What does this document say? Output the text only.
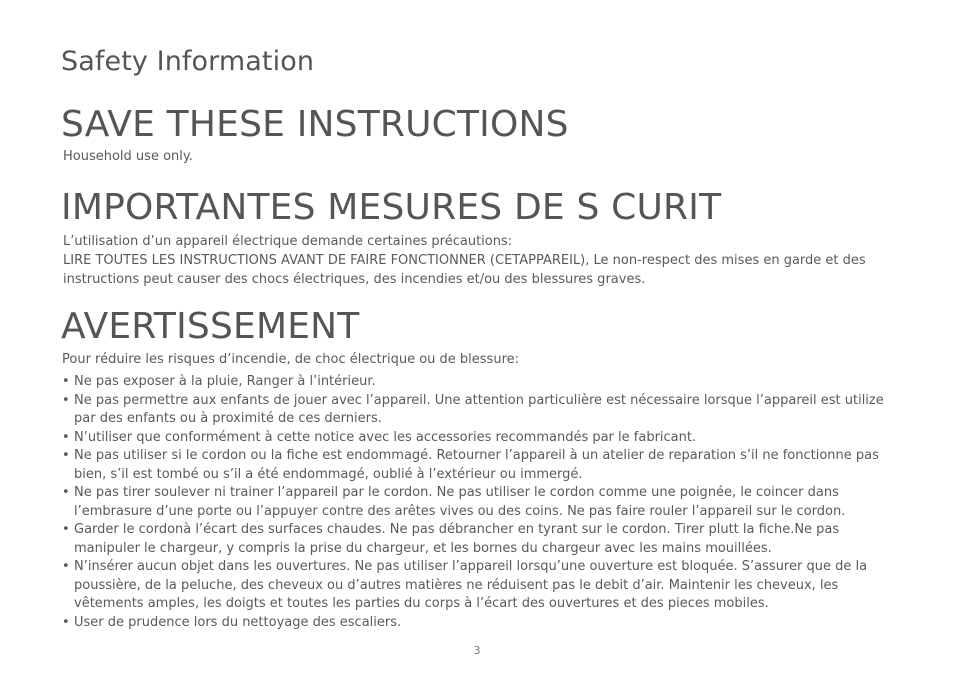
Safety Information
SAVE THESE INSTRUCTIONS

Household use only.

IMPORTANTES MESURES DE S CURIT

L’utilisation d’un appareil électrique demande certaines précautions:
LIRE TOUTES LES INSTRUCTIONS AVANT DE FAIRE FONCTIONNER (CETAPPAREIL), Le non-respect des mises en garde et des instructions peut causer des chocs électriques, des incendies et/ou des blessures graves.

AVERTISSEMENT

Pour réduire les risques d’incendie, de choc électrique ou de blessure:

• Ne pas exposer à la pluie, Ranger à l’intérieur.
• Ne pas permettre aux enfants de jouer avec l’appareil. Une attention particulière est nécessaire lorsque l’appareil est utilize par des enfants ou à proximité de ces derniers.
• N’utiliser que conformément à cette notice avec les accessories recommandés par le fabricant.
• Ne pas utiliser si le cordon ou la fiche est endommagé. Retourner l’appareil à un atelier de reparation s’il ne fonctionne pas bien, s’il est tombé ou s’il a été endommagé, oublié à l’extérieur ou immergé.
• Ne pas tirer soulever ni trainer l’appareil par le cordon. Ne pas utiliser le cordon comme une poignée, le coincer dans l’embrasure d’une porte ou l’appuyer contre des arêtes vives ou des coins. Ne pas faire rouler l’appareil sur le cordon.
• Garder le cordonà l’écart des surfaces chaudes. Ne pas débrancher en tyrant sur le cordon. Tirer plutt la fiche.Ne pas manipuler le chargeur, y compris la prise du chargeur, et les bornes du chargeur avec les mains mouillées.
• N’insérer aucun objet dans les ouvertures. Ne pas utiliser l’appareil lorsqu’une ouverture est bloquée. S’assurer que de la poussière, de la peluche, des cheveux ou d’autres matières ne réduisent pas le debit d’air. Maintenir les cheveux, les vêtements amples, les doigts et toutes les parties du corps à l’écart des ouvertures et des pieces mobiles.
• User de prudence lors du nettoyage des escaliers.
3
